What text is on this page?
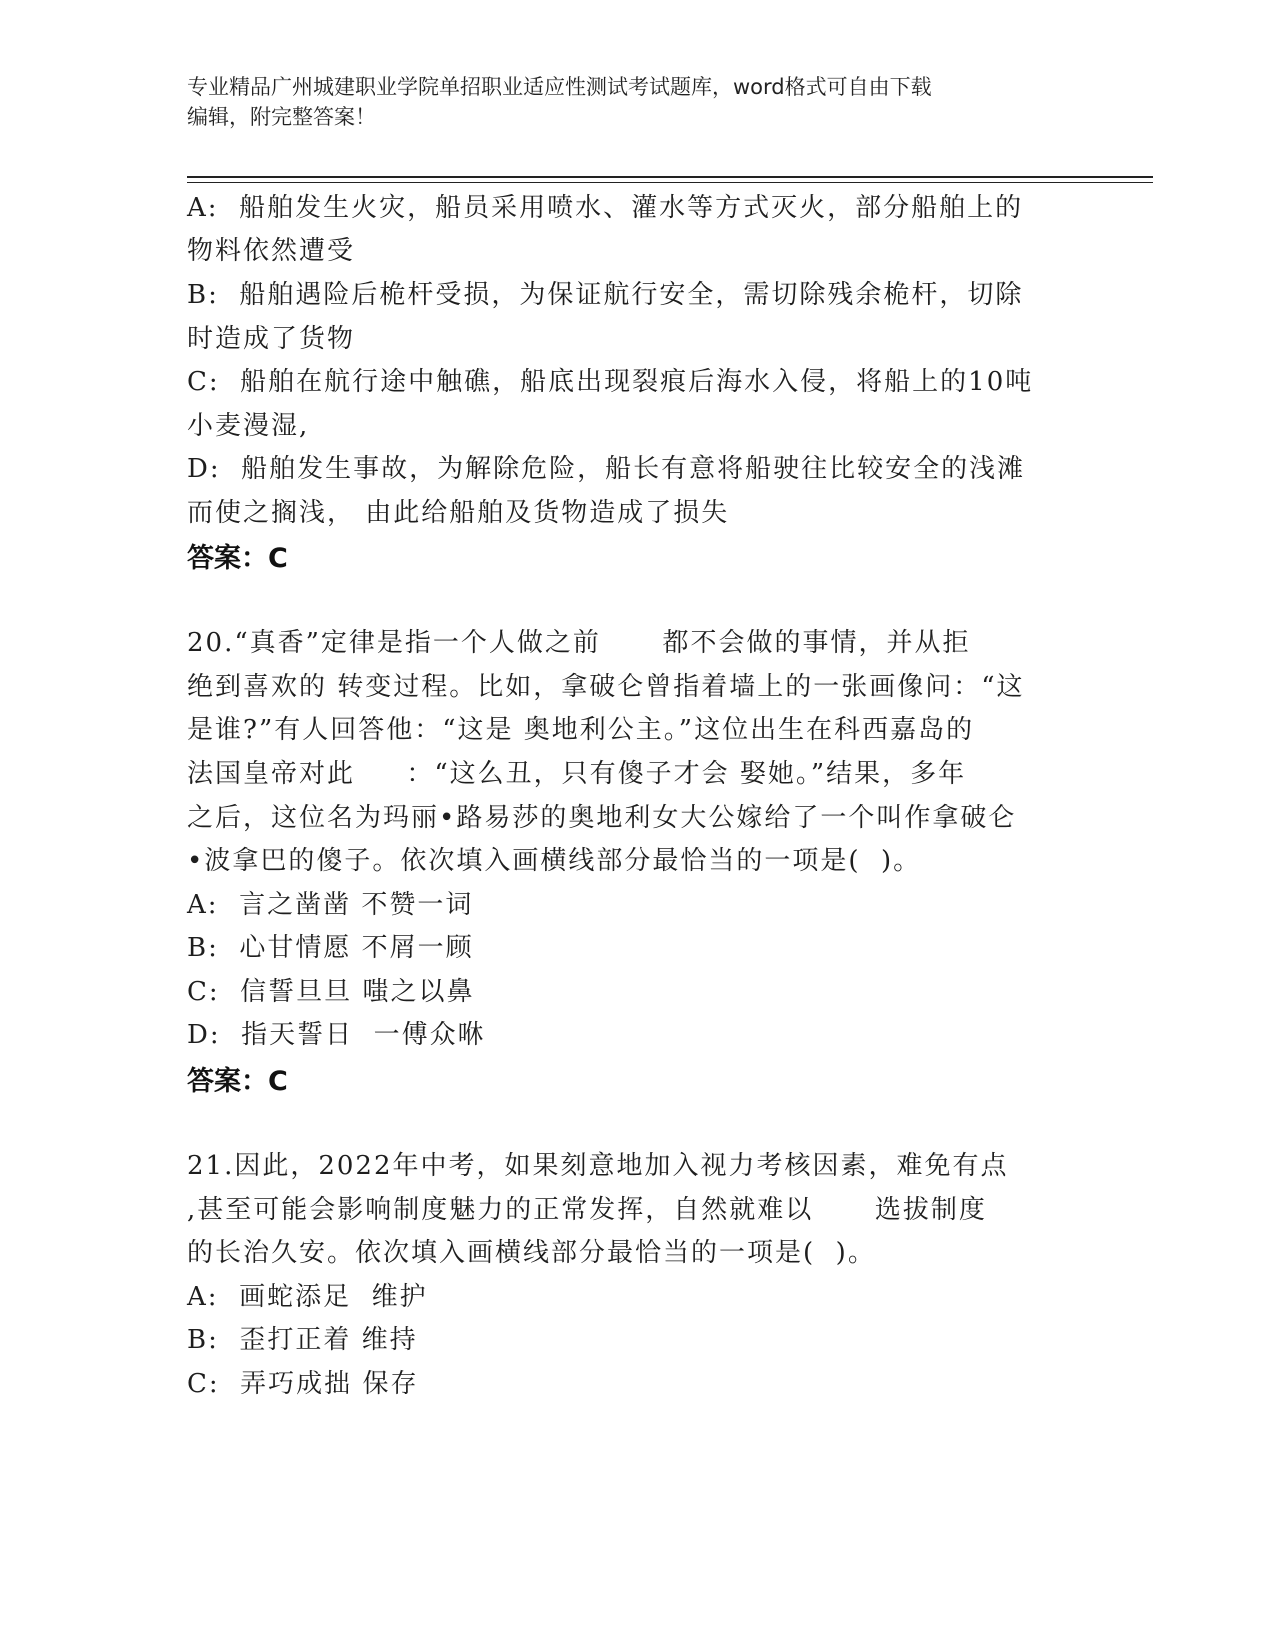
专业精品广州城建职业学院单招职业适应性测试考试题库，word格式可自由下载
编辑，附完整答案！
A:  船舶发生火灾，船员采用喷水、灌水等方式灭火，部分船舶上的
物料依然遭受
B:  船舶遇险后桅杆受损，为保证航行安全，需切除残余桅杆，切除
时造成了货物
C:  船舶在航行途中触礁，船底出现裂痕后海水入侵，将船上的10吨
小麦漫湿,
D:  船舶发生事故，为解除危险，船长有意将船驶往比较安全的浅滩
而使之搁浅， 由此给船舶及货物造成了损失
答案：C
20.“真香”定律是指一个人做之前      都不会做的事情，并从拒
绝到喜欢的 转变过程。比如，拿破仑曾指着墙上的一张画像问：“这
是谁?”有人回答他：“这是 奥地利公主。”这位出生在科西嘉岛的
法国皇帝对此     ：“这么丑，只有傻子才会 娶她。”结果，多年
之后，这位名为玛丽•路易莎的奥地利女大公嫁给了一个叫作拿破仑
•波拿巴的傻子。依次填入画横线部分最恰当的一项是(  )。
A:  言之凿凿 不赞一词
B:  心甘情愿 不屑一顾
C:  信誓旦旦 嗤之以鼻
D:  指天誓日  一傅众咻
答案：C
21.因此，2022年中考，如果刻意地加入视力考核因素，难免有点
,甚至可能会影响制度魅力的正常发挥，自然就难以      选拔制度
的长治久安。依次填入画横线部分最恰当的一项是(  )。
A:  画蛇添足  维护
B:  歪打正着 维持
C:  弄巧成拙 保存
